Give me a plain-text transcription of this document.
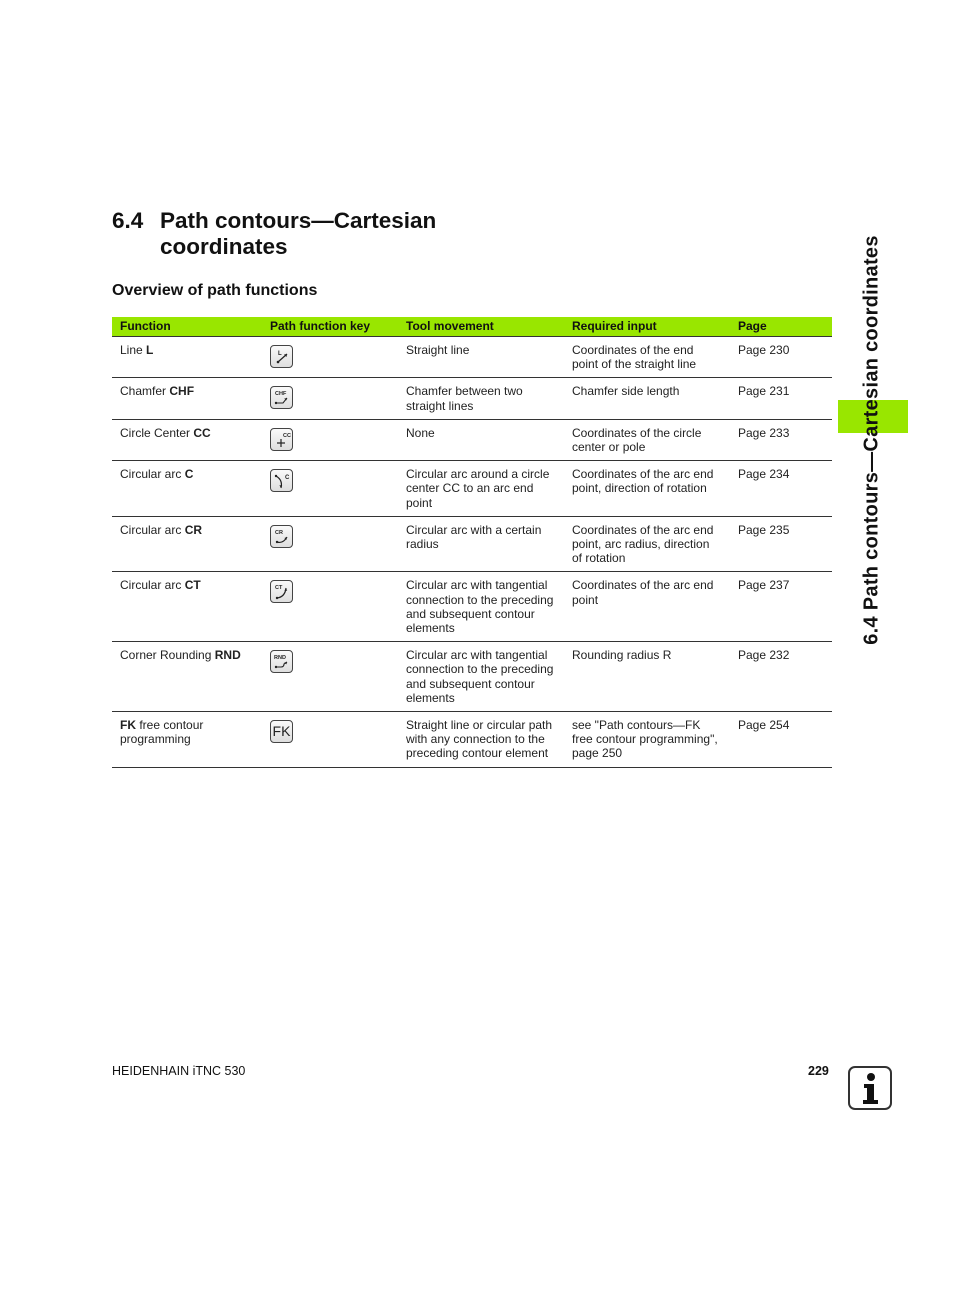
6.4 Path contours—Cartesian
coordinates
Overview of path functions
Function	Path function key	Tool movement	Required input	Page
Line L	L	Straight line	Coordinates of the end point of the straight line	Page 230
Chamfer CHF	CHF	Chamfer between two straight lines	Chamfer side length	Page 231
Circle Center CC	CC	None	Coordinates of the circle center or pole	Page 233
Circular arc C	C	Circular arc around a circle center CC to an arc end point	Coordinates of the arc end point, direction of rotation	Page 234
Circular arc CR	CR	Circular arc with a certain radius	Coordinates of the arc end point, arc radius, direction of rotation	Page 235
Circular arc CT	CT	Circular arc with tangential connection to the preceding and subsequent contour elements	Coordinates of the arc end point	Page 237
Corner Rounding RND	RND	Circular arc with tangential connection to the preceding and subsequent contour elements	Rounding radius R	Page 232
FK free contour programming	FK	Straight line or circular path with any connection to the preceding contour element	see "Path contours—FK free contour programming", page 250	Page 254
6.4 Path contours—Cartesian coordinates
HEIDENHAIN iTNC 530	229
